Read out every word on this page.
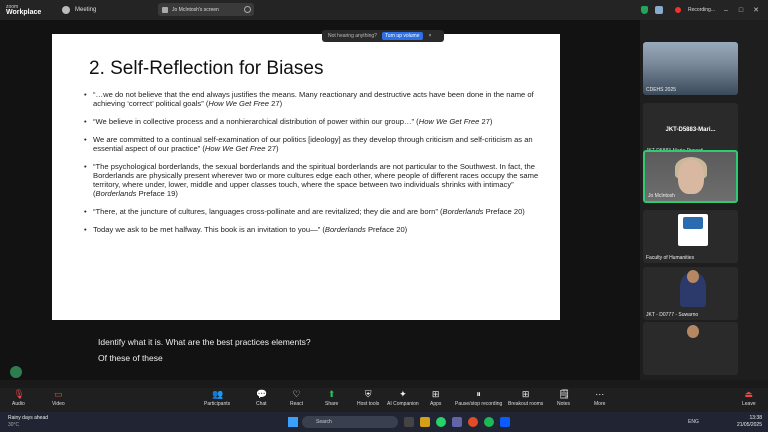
zoom
Workplace	Meeting	Jo McIntosh's screen	Recording... – □ ✕
2. Self-Reflection for Biases
• “…we do not believe that the end always justifies the means. Many reactionary and destructive acts have been done in the name of achieving ‘correct’ political goals” (How We Get Free 27)
• “We believe in collective process and a nonhierarchical distribution of power within our group…” (How We Get Free 27)
• We are committed to a continual self-examination of our politics [ideology] as they develop through criticism and self-criticism as an essential aspect of our practice” (How We Get Free 27)
• “The psychological borderlands, the sexual borderlands and the spiritual borderlands are not particular to the Southwest. In fact, the Borderlands are physically present wherever two or more cultures edge each other, where people of different races occupy the same territory, where under, lower, middle and upper classes touch, where the space between two individuals shrinks with intimacy” (Borderlands Preface 19)
• “There, at the juncture of cultures, languages cross-pollinate and are revitalized; they die and are born” (Borderlands Preface 20)
• Today we ask to be met halfway. This book is an invitation to you—” (Borderlands Preface 20)
Not hearing anything?	Turn up volume	×
Identify what it is. What are the best practices elements?
Of these of these
CDEHS 2025
JKT-D5883-Mari...
Jo McIntosh
Faculty of Humanities
JKT - D0777 - Suwarno
🎙
Audio
▭
Video
👥
Participants
💬
Chat
♡
React
⬆
Share
⛨
Host tools
✦
AI Companion
⊞
Apps
⏸
Pause/stop recording
⊞
Breakout rooms
🗒
Notes
⋯
More
⏏
Leave
Rainy days ahead
30°C	Search	ENG
13:38
21/05/2025
